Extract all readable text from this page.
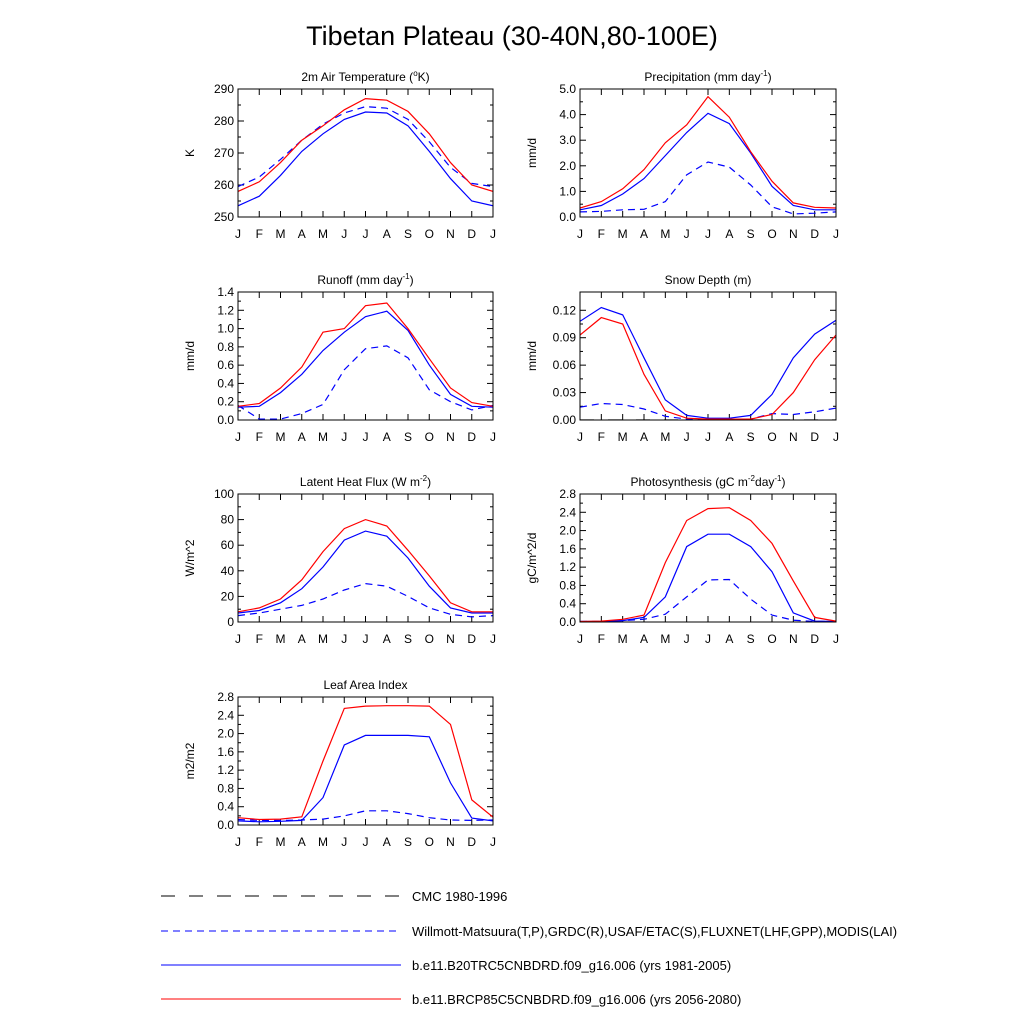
Tibetan Plateau (30-40N,80-100E)
2m Air Temperature ($^o$K)
250
260
270
280
290
J F M A M J J A S O N D J
K
Precipitation (mm day$^{-1}$)
0.0
1.0
2.0
3.0
4.0
5.0
J F M A M J J A S O N D J
mm/d
Runoff (mm day$^{-1}$)
0.0
0.2
0.4
0.6
0.8
1.0
1.2
1.4
J F M A M J J A S O N D J
mm/d
Snow Depth (m)
0.00
0.03
0.06
0.09
0.12
J F M A M J J A S O N D J
mm/d
Latent Heat Flux (W $m^{-2}$)
0
20
40
60
80
100
J F M A M J J A S O N D J
W/m^2
Photosynthesis (gC $m^{-2}day^{-1}$)
0.0
0.4
0.8
1.2
1.6
2.0
2.4
2.8
J F M A M J J A S O N D J
gC/m^2/d
Leaf Area Index
0.0
0.4
0.8
1.2
1.6
2.0
2.4
2.8
J F M A M J J A S O N D J
m2/m2
CMC 1980-1996
Willmott-Matsuura(T,P),GRDC(R),USAF/ETAC(S),FLUXNET(LHF,GPP),MODIS(LAI)
b.e11.B20TRC5CNBDRD.f09_g16.006 (yrs 1981-2005)
b.e11.BRCP85C5CNBDRD.f09_g16.006 (yrs 2056-2080)
